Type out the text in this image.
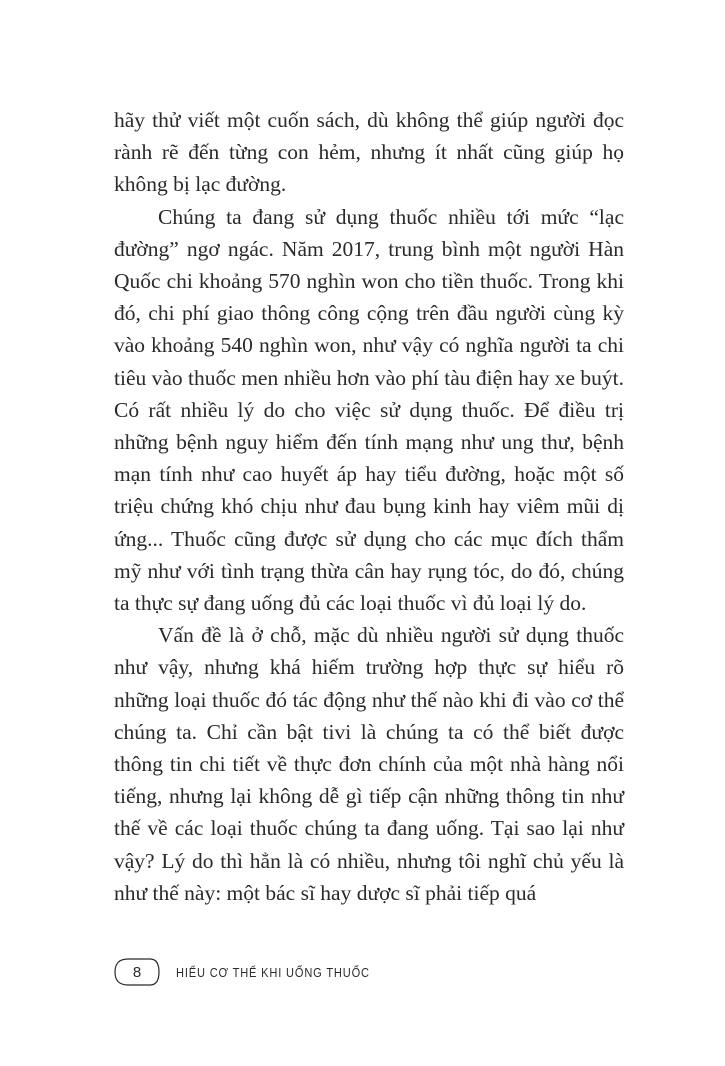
hãy thử viết một cuốn sách, dù không thể giúp người đọc rành rẽ đến từng con hẻm, nhưng ít nhất cũng giúp họ không bị lạc đường.

Chúng ta đang sử dụng thuốc nhiều tới mức “lạc đường” ngơ ngác. Năm 2017, trung bình một người Hàn Quốc chi khoảng 570 nghìn won cho tiền thuốc. Trong khi đó, chi phí giao thông công cộng trên đầu người cùng kỳ vào khoảng 540 nghìn won, như vậy có nghĩa người ta chi tiêu vào thuốc men nhiều hơn vào phí tàu điện hay xe buýt. Có rất nhiều lý do cho việc sử dụng thuốc. Để điều trị những bệnh nguy hiểm đến tính mạng như ung thư, bệnh mạn tính như cao huyết áp hay tiểu đường, hoặc một số triệu chứng khó chịu như đau bụng kinh hay viêm mũi dị ứng... Thuốc cũng được sử dụng cho các mục đích thẩm mỹ như với tình trạng thừa cân hay rụng tóc, do đó, chúng ta thực sự đang uống đủ các loại thuốc vì đủ loại lý do.

Vấn đề là ở chỗ, mặc dù nhiều người sử dụng thuốc như vậy, nhưng khá hiếm trường hợp thực sự hiểu rõ những loại thuốc đó tác động như thế nào khi đi vào cơ thể chúng ta. Chỉ cần bật tivi là chúng ta có thể biết được thông tin chi tiết về thực đơn chính của một nhà hàng nổi tiếng, nhưng lại không dễ gì tiếp cận những thông tin như thế về các loại thuốc chúng ta đang uống. Tại sao lại như vậy? Lý do thì hẳn là có nhiều, nhưng tôi nghĩ chủ yếu là như thế này: một bác sĩ hay dược sĩ phải tiếp quá

8	HIỂU CƠ THỂ KHI UỐNG THUỐC
